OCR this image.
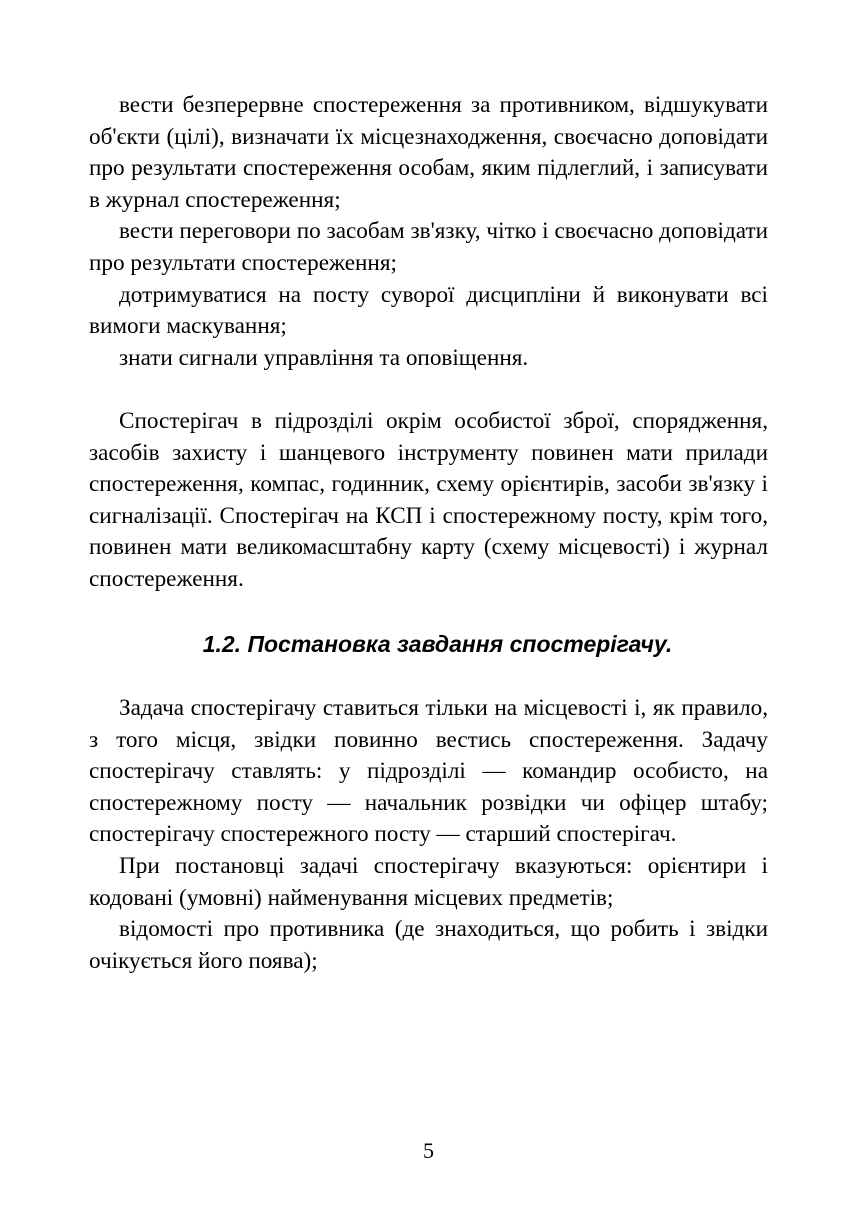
вести безперервне спостереження за противником, відшукувати об'єкти (цілі), визначати їх місцезнаходження, своєчасно доповідати про результати спостереження особам, яким підлеглий, і записувати в журнал спостереження;

вести переговори по засобам зв'язку, чітко і своєчасно доповідати про результати спостереження;

дотримуватися на посту суворої дисципліни й виконувати всі вимоги маскування;

знати сигнали управління та оповіщення.

Спостерігач в підрозділі окрім особистої зброї, спорядження, засобів захисту і шанцевого інструменту повинен мати прилади спостереження, компас, годинник, схему орієнтирів, засоби зв'язку і сигналізації. Спостерігач на КСП і спостережному посту, крім того, повинен мати великомасштабну карту (схему місцевості) і журнал спостереження.

1.2. Постановка завдання спостерігачу.

Задача спостерігачу ставиться тільки на місцевості і, як правило, з того місця, звідки повинно вестись спостереження. Задачу спостерігачу ставлять: у підрозділі — командир особисто, на спостережному посту — начальник розвідки чи офіцер штабу; спостерігачу спостережного посту — старший спостерігач.

При постановці задачі спостерігачу вказуються: орієнтири і кодовані (умовні) найменування місцевих предметів;

відомості про противника (де знаходиться, що робить і звідки очікується його поява);

5
